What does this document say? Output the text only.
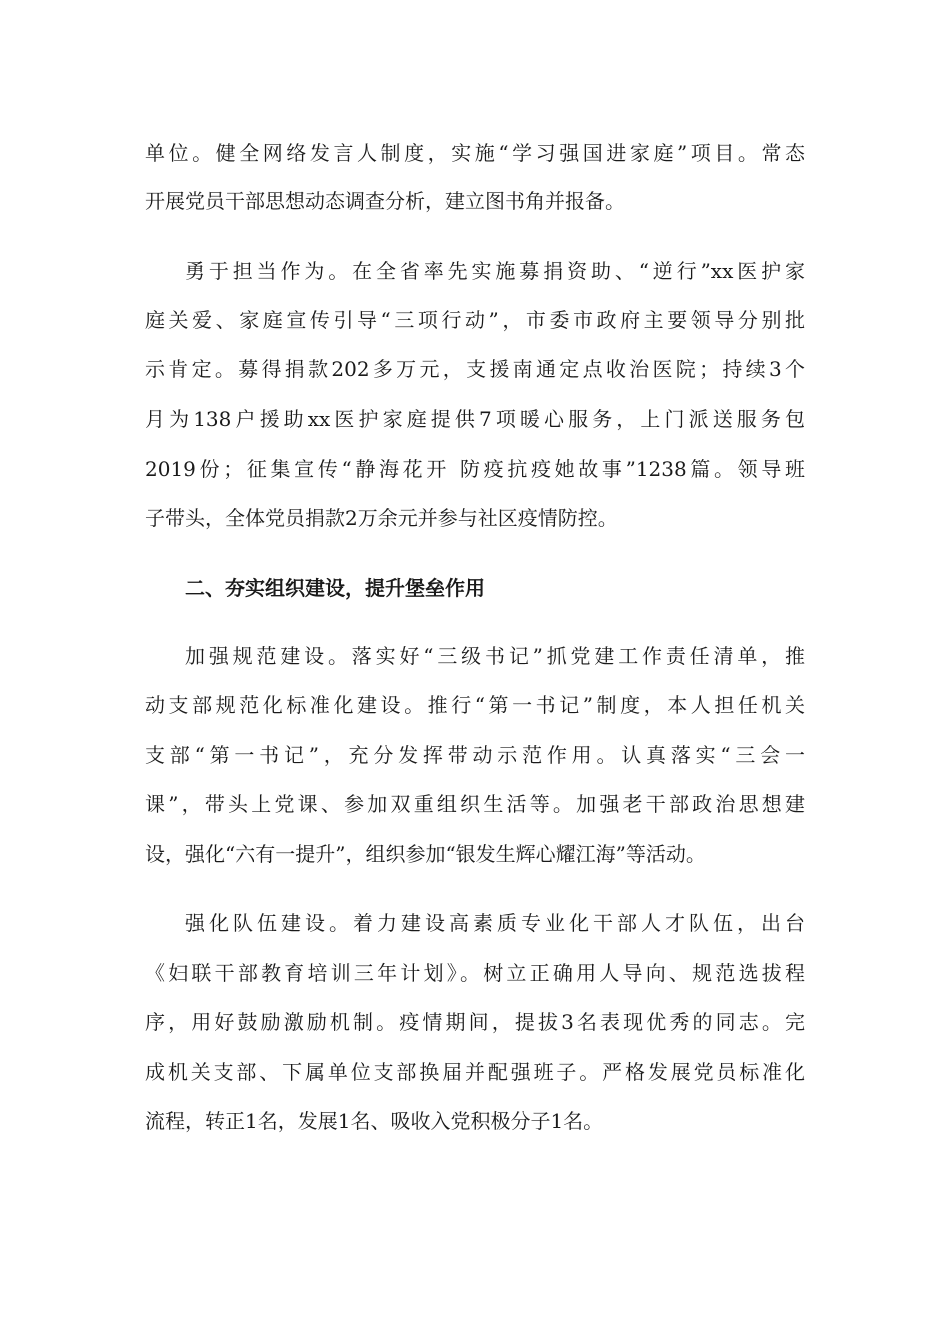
单位。健全网络发言人制度，实施“学习强国进家庭”项目。常态
开展党员干部思想动态调查分析，建立图书角并报备。
勇于担当作为。在全省率先实施募捐资助、“逆行”xx医护家
庭关爱、家庭宣传引导“三项行动”，市委市政府主要领导分别批
示肯定。募得捐款202多万元，支援南通定点收治医院；持续3个
月为138户援助xx医护家庭提供7项暖心服务，上门派送服务包
2019份；征集宣传“静海花开 防疫抗疫她故事”1238篇。领导班
子带头，全体党员捐款2万余元并参与社区疫情防控。
二、夯实组织建设，提升堡垒作用
加强规范建设。落实好“三级书记”抓党建工作责任清单，推
动支部规范化标准化建设。推行“第一书记”制度，本人担任机关
支部“第一书记”，充分发挥带动示范作用。认真落实“三会一
课”，带头上党课、参加双重组织生活等。加强老干部政治思想建
设，强化“六有一提升”，组织参加“银发生辉心耀江海”等活动。
强化队伍建设。着力建设高素质专业化干部人才队伍，出台
《妇联干部教育培训三年计划》。树立正确用人导向、规范选拔程
序，用好鼓励激励机制。疫情期间，提拔3名表现优秀的同志。完
成机关支部、下属单位支部换届并配强班子。严格发展党员标准化
流程，转正1名，发展1名、吸收入党积极分子1名。
